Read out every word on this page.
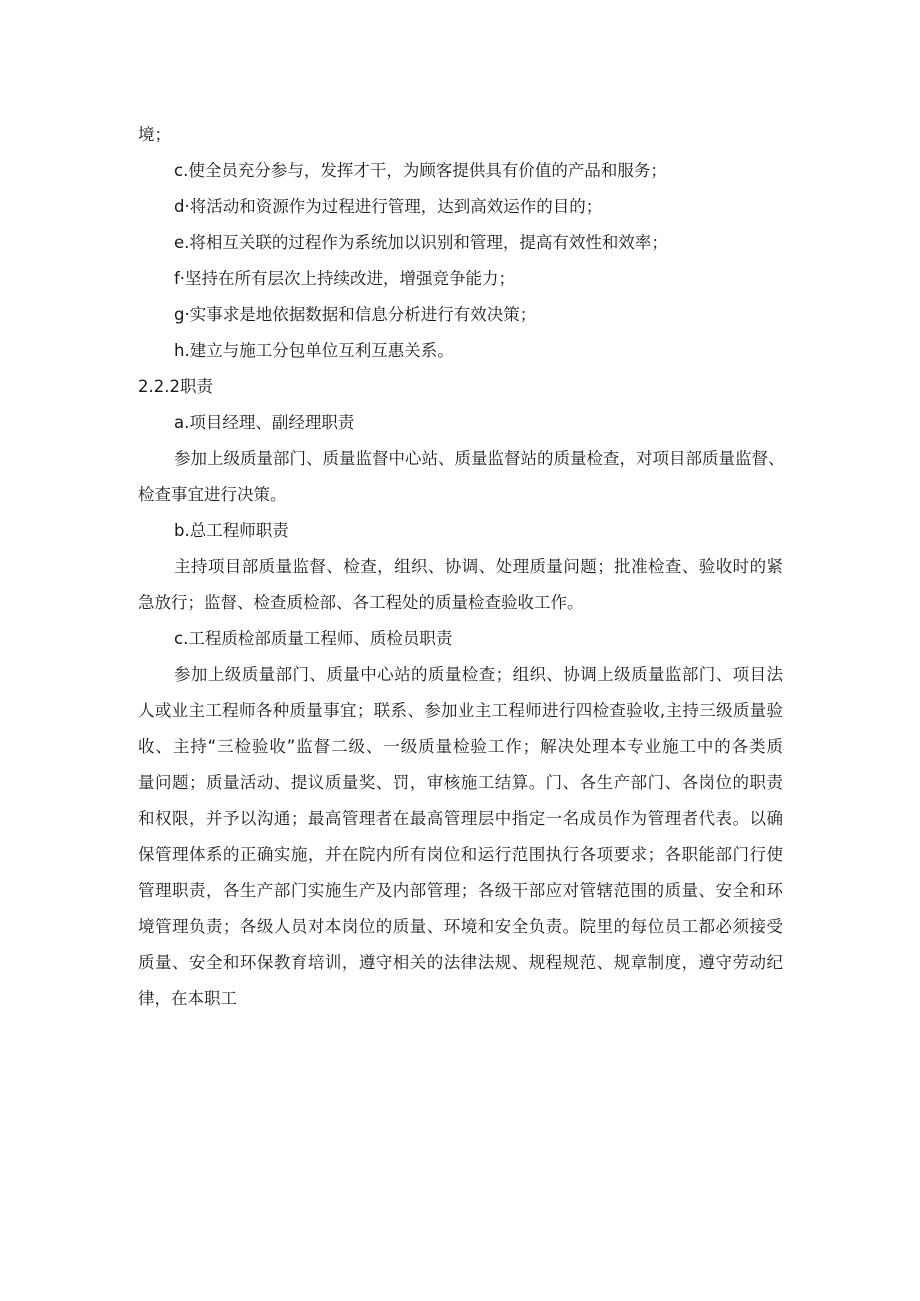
境；
c.使全员充分参与，发挥才干，为顾客提供具有价值的产品和服务；
d·将活动和资源作为过程进行管理，达到高效运作的目的；
e.将相互关联的过程作为系统加以识别和管理，提高有效性和效率；
f·坚持在所有层次上持续改进，增强竞争能力；
g·实事求是地依据数据和信息分析进行有效决策；
h.建立与施工分包单位互利互惠关系。
2.2.2职责
a.项目经理、副经理职责
参加上级质量部门、质量监督中心站、质量监督站的质量检查，对项目部质量监督、
检查事宜进行决策。
b.总工程师职责
主持项目部质量监督、检查，组织、协调、处理质量问题；批准检查、验收时的紧
急放行；监督、检查质检部、各工程处的质量检查验收工作。
c.工程质检部质量工程师、质检员职责
参加上级质量部门、质量中心站的质量检查；组织、协调上级质量监部门、项目法
人或业主工程师各种质量事宜；联系、参加业主工程师进行四检查验收,主持三级质量验
收、主持“三检验收”监督二级、一级质量检验工作；解决处理本专业施工中的各类质
量问题；质量活动、提议质量奖、罚，审核施工结算。门、各生产部门、各岗位的职责
和权限，并予以沟通；最高管理者在最高管理层中指定一名成员作为管理者代表。以确
保管理体系的正确实施，并在院内所有岗位和运行范围执行各项要求；各职能部门行使
管理职责，各生产部门实施生产及内部管理；各级干部应对管辖范围的质量、安全和环
境管理负责；各级人员对本岗位的质量、环境和安全负责。院里的每位员工都必须接受
质量、安全和环保教育培训，遵守相关的法律法规、规程规范、规章制度，遵守劳动纪
律，在本职工
